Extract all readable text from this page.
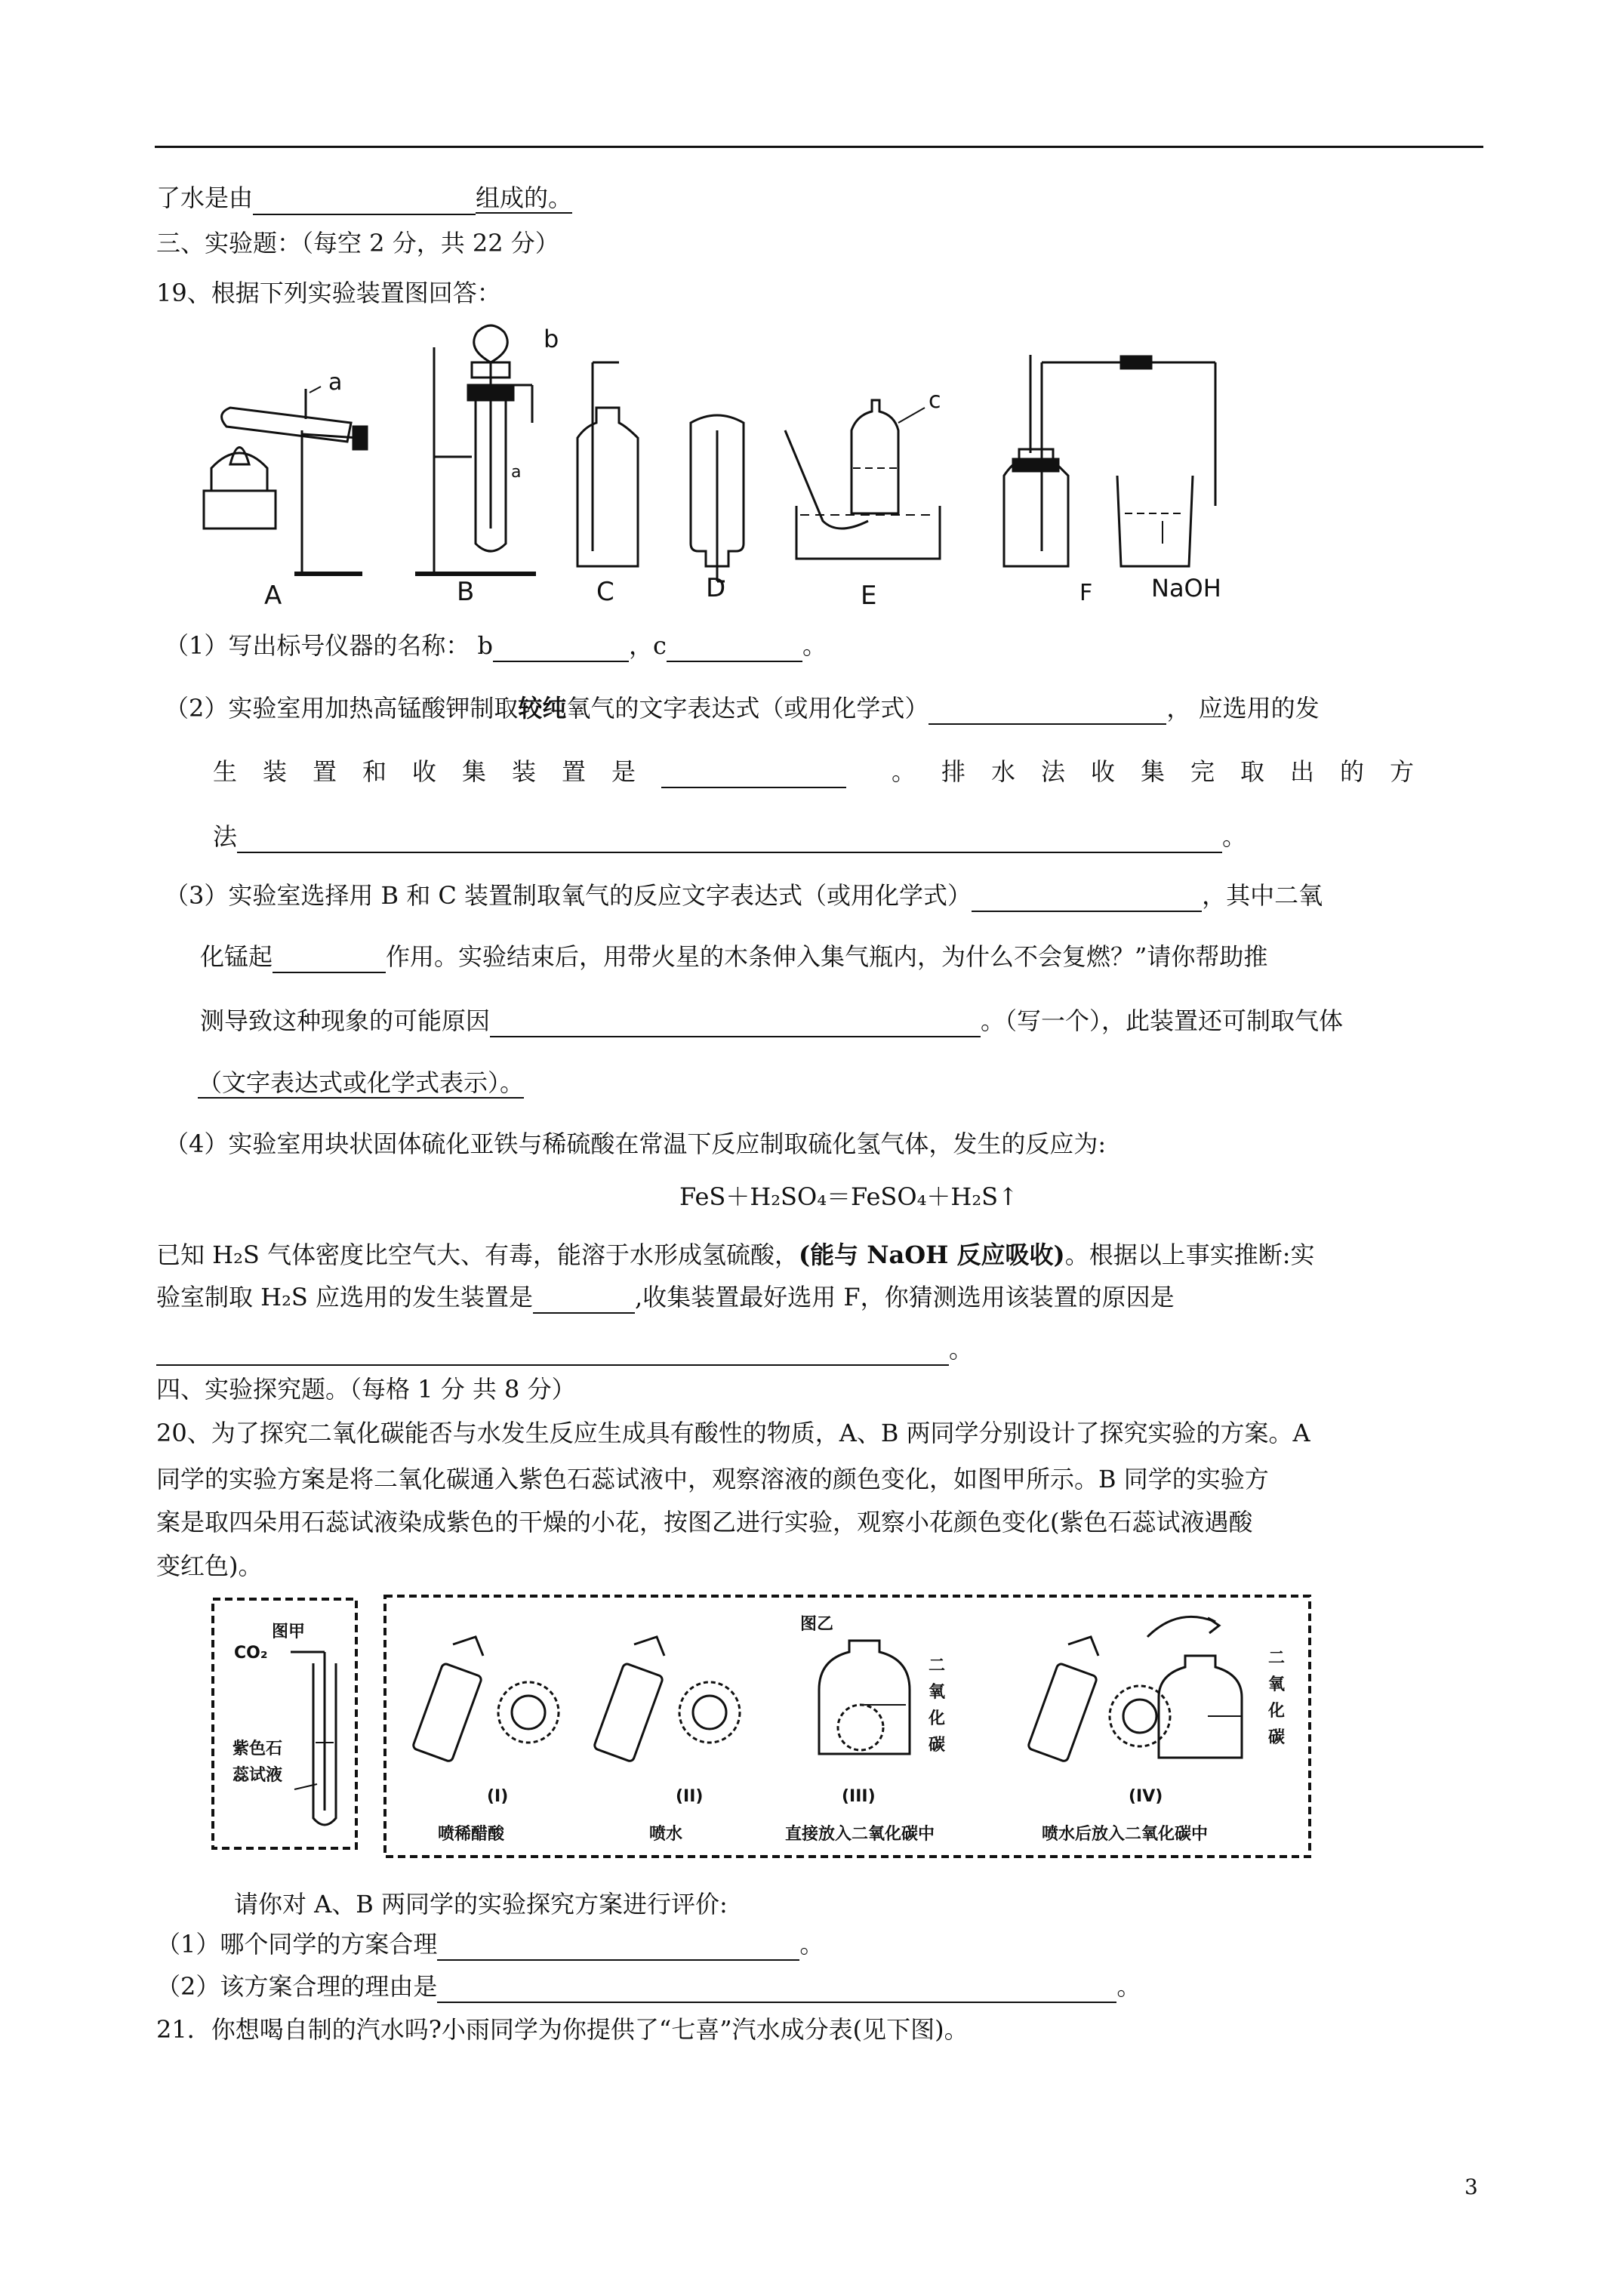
了水是由	组成的。
三、实验题：（每空 2 分，共 22 分）
19、根据下列实验装置图回答：
a
a
b
c
A	B	C	D	E	F NaOH
（1）写出标号仪器的名称： b	，c	。
（2）实验室用加热高锰酸钾制取较纯氧气的文字表达式（或用化学式）	， 应选用的发
生装置和收集装置是	。排水法收集完取出的方
法	。
（3）实验室选择用 B 和 C 装置制取氧气的反应文字表达式（或用化学式）	，其中二氧
化锰起	作用。实验结束后，用带火星的木条伸入集气瓶内，为什么不会复燃？”请你帮助推
测导致这种现象的可能原因	。（写一个），此装置还可制取气体
（文字表达式或化学式表示）。
（4）实验室用块状固体硫化亚铁与稀硫酸在常温下反应制取硫化氢气体，发生的反应为:
FeS＋H₂SO₄＝FeSO₄＋H₂S↑
已知 H₂S 气体密度比空气大、有毒，能溶于水形成氢硫酸，(能与 NaOH 反应吸收)。根据以上事实推断:实
验室制取 H₂S 应选用的发生装置是	,收集装置最好选用 F，你猜测选用该装置的原因是
。
四、实验探究题。（每格 1 分 共 8 分）
20、为了探究二氧化碳能否与水发生反应生成具有酸性的物质，A、B 两同学分别设计了探究实验的方案。A
同学的实验方案是将二氧化碳通入紫色石蕊试液中，观察溶液的颜色变化，如图甲所示。B 同学的实验方
案是取四朵用石蕊试液染成紫色的干燥的小花，按图乙进行实验，观察小花颜色变化(紫色石蕊试液遇酸
变红色)。
图甲
CO₂
紫色石
蕊试液
图乙
(I)	(II)	(III)	(IV)
喷稀醋酸	喷水	直接放入二氧化碳中	喷水后放入二氧化碳中
二
氧
化
碳
二
氧
化
碳
请你对 A、B 两同学的实验探究方案进行评价:
（1）哪个同学的方案合理	。
（2）该方案合理的理由是	。
21．你想喝自制的汽水吗?小雨同学为你提供了“七喜”汽水成分表(见下图)。
3
